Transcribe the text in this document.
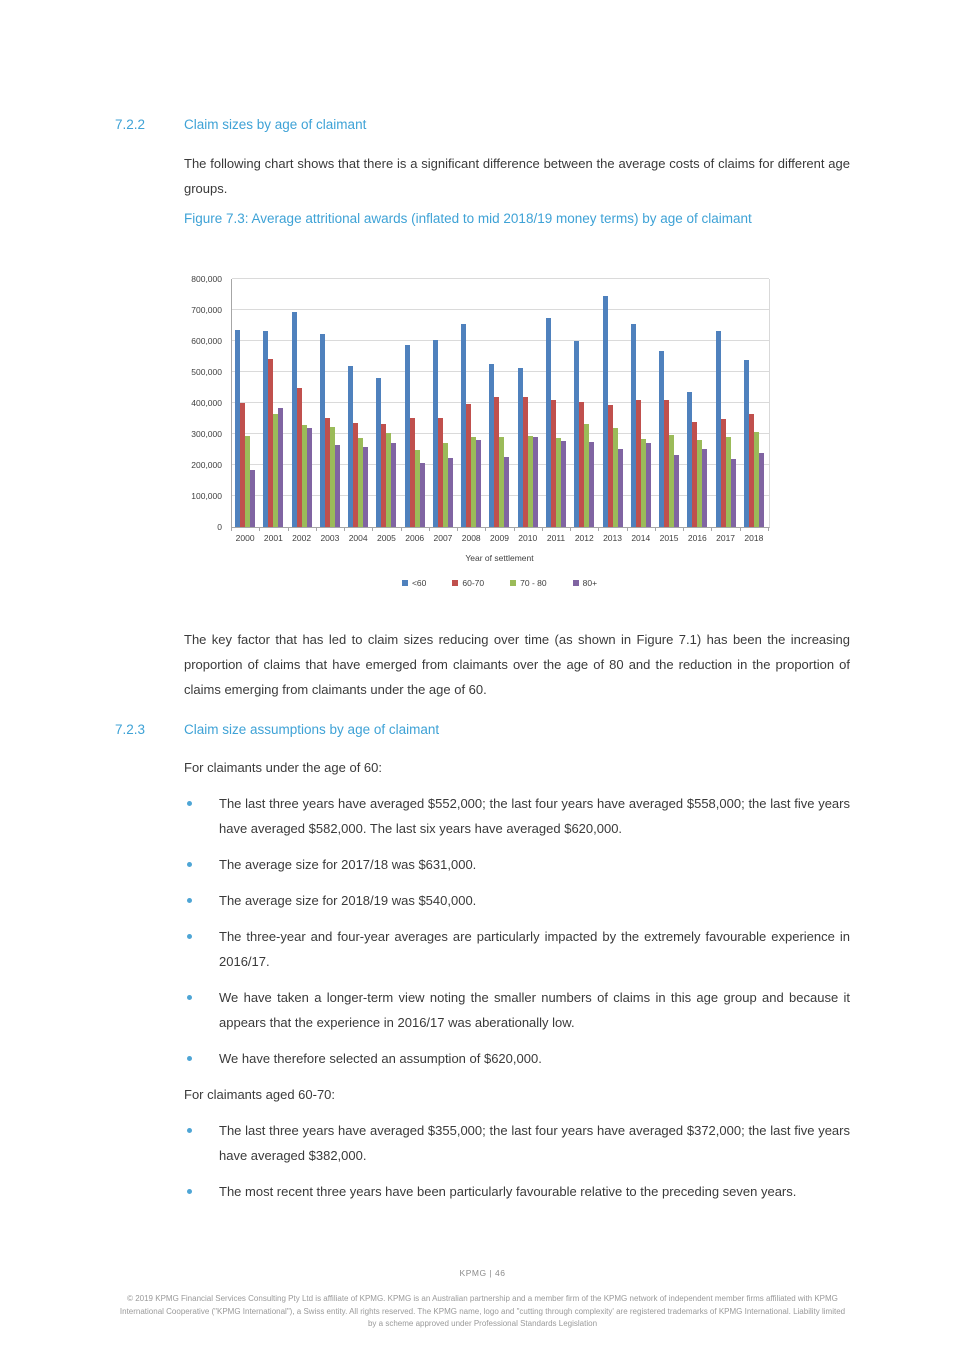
7.2.2	Claim sizes by age of claimant
The following chart shows that there is a significant difference between the average costs of claims for different age groups.
Figure 7.3: Average attritional awards (inflated to mid 2018/19 money terms) by age of claimant
Year of settlement
<60	60-70	70 - 80	80+
0
100,000
200,000
300,000
400,000
500,000
600,000
700,000
800,000
2000	2001	2002	2003	2004	2005	2006	2007	2008	2009	2010	2011	2012	2013	2014	2015	2016	2017	2018
The key factor that has led to claim sizes reducing over time (as shown in Figure 7.1) has been the increasing proportion of claims that have emerged from claimants over the age of 80 and the reduction in the proportion of claims emerging from claimants under the age of 60.
7.2.3	Claim size assumptions by age of claimant

For claimants under the age of 60:

The last three years have averaged $552,000; the last four years have averaged $558,000; the last five years have averaged $582,000. The last six years have averaged $620,000.
The average size for 2017/18 was $631,000.
The average size for 2018/19 was $540,000.
The three-year and four-year averages are particularly impacted by the extremely favourable experience in 2016/17.
We have taken a longer-term view noting the smaller numbers of claims in this age group and because it appears that the experience in 2016/17 was aberationally low.
We have therefore selected an assumption of $620,000.

For claimants aged 60-70:

The last three years have averaged $355,000; the last four years have averaged $372,000; the last five years have averaged $382,000.
The most recent three years have been particularly favourable relative to the preceding seven years.
KPMG | 46
© 2019 KPMG Financial Services Consulting Pty Ltd is affiliate of KPMG. KPMG is an Australian partnership and a member firm of the KPMG network of independent member firms affiliated with KPMG International Cooperative ("KPMG International"), a Swiss entity. All rights reserved. The KPMG name, logo and "cutting through complexity' are registered trademarks of KPMG International. Liability limited by a scheme approved under Professional Standards Legislation
